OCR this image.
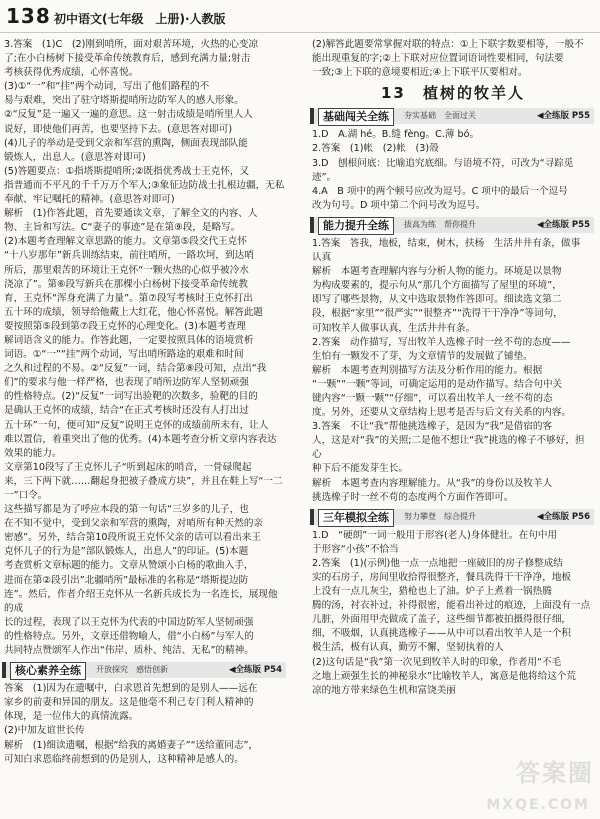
138 初中语文(七年级　上册)·人教版

3.答案　(1)C　(2)刚到哨所，面对艰苦环境，火热的心变凉

了;在小白杨树下接受革命传统教育后，感到充满力量;射击

考核获得优秀成绩，心怀喜悦。

(3)①“一”和“挂”两个动词，写出了他们路程的不

易与艰难，突出了驻守塔斯提哨所边防军人的感人形象。

②“反复”是一遍又一遍的意思。这一射击成绩是哨所里人人

说好，即使他们再苦，也要坚持下去。(意思答对即可)

(4)儿子的举动是受到父亲和军营的熏陶，侧面表现部队能

锻炼人，出息人。(意思答对即可)

(5)答题要点：①指塔斯提哨所;②既指优秀战士王克怀，又

指普通而不平凡的千千万万个军人;③象征边防战士扎根边疆，无私

奉献、牢记嘱托的精神。(意思答对即可)

解析　(1)作答此题，首先要通读文章，了解全文的内容、人

物、主旨和写法。C“妻子的事迹”是在第⑨段，是略写。

(2)本题考查理解文章思路的能力。文章第⑤段交代王克怀

“十八岁那年”新兵训练结束，前往哨所，一路坎坷，到达哨

所后，那里艰苦的环境让王克怀“一颗火热的心似乎被冷水

浇凉了”。第⑥段写新兵在那棵小白杨树下接受革命传统教

育，王克怀“浑身充满了力量”。第⑦段写考核时王克怀打出

五十环的成绩，领导给他戴上大红花，他心怀喜悦。解答此题

要按照第⑤段到第⑦段王克怀的心理变化。(3)本题考查理

解词语含义的能力。作答此题，一定要按照具体的语境赏析

词语。①“一”“挂”两个动词，写出哨所路途的艰难和时间

之久和过程的不易。②“反复”一词，结合第⑧段可知，点出“我

们”的要求与他一样严格，也表现了哨所边防军人坚韧顽强

的性格特点。(2)“反复”一词写出验靶的次数多，验靶的目的

是确认王克怀的成绩，结合“在正式考核时还没有人打出过

五十环”一句，便可知“反复”说明王克怀的成绩前所未有，让人

难以置信，着重突出了他的优秀。(4)本题考查分析文章内容表达效果的能力。

文章第10段写了王克怀儿子“听到起床的哨音，一骨碌爬起

来，三下两下就……翻起身把被子叠成方块”，并且在鞋上写“一二一”口令。

这些描写都是为了呼应本段的第一句话“三岁多的儿子，也

在不知不觉中，受到父亲和军营的熏陶，对哨所有种天然的亲

密感”。另外，结合第10段所说王克怀父亲的话可以看出来王

克怀儿子的行为是”部队锻炼人，出息人”的印证。(5)本题

考查赏析文章标题的能力。文章从赞颂小白杨的歌曲入手，

进而在第②段引出”北疆哨所”最标准的名称是“塔斯提边防

连”。然后，作者介绍王克怀从一名新兵成长为一名连长，展现他的成

长的过程，表现了以王克怀为代表的中国边防军人坚韧顽强

的性格特点。另外，文章还借物喻人，借“小白杨”与军人的

共同特点赞颂军人作出“伟岸、质朴、纯洁、无私”的精神。

核心素养全练	开放探究　感悟创新	◀全练版 P54

答案　(1)因为在遗嘱中，白求恩首先想到的是别人——远在

家乡的前妻和异国的朋友。这是他毫不利己专门利人精神的

体现，是一位伟大的真情流露。

(2)中加友谊世长传

解析　(1)细读遗嘱，根据“给我的离婚妻子”“送给董同志”，

可知白求恩临终前想到的仍是别人，这种精神是感人的。

(2)解答此题要常掌握对联的特点：①上下联字数要相等，一般不

能出现重复的字;②上下联对应位置词语词性要相同，句法要

一致;③上下联的意境要相近;④上下联平仄要相对。

13 植树的牧羊人
基础闯关全练	夯实基础　全面过关	◀全练版 P55

1.D　A.湖 hé。B.缝 fèng。C.薄 bó。

2.答案　(1)帐　(2)帐　(3)殼

3.D　刨根问底：比喻追究底细。与语境不符，可改为“寻踪觅

迹”。

4.A　B 项中的两个顿号应改为逗号。C 项中的最后一个逗号

改为句号。D 项中第二个问号改为逗号。

能力提升全练	拔高为练　帮你提升	◀全练版 P55

1.答案　答我，地板，结束，树木，扶杨　生活井井有条，做事

认真

解析　本题考查理解内容与分析人物的能力。环境是以景物

为构成要素的，提示句从“那几个方面描写了屋里的环境”，

即写了哪些景物，从文中选取景物作答即可。细读选文第二

段，根据“家里”“很严实”“很整齐”“洗得干干净净”等词句，

可知牧羊人做事认真，生活井井有条。

2.答案　动作描写，写出牧羊人选橡子时一丝不苟的态度——

生怕有一颗发不了芽，为文章情节的发展做了铺垫。

解析　本题考查判别描写方法及分析作用的能力。根据

“一颗”“一颗”等词，可确定运用的是动作描写。结合句中关

键内容“一颗一颗”“仔细”，可以看出牧羊人一丝不苟的态

度。另外，还要从文章结构上思考是否与后文有关系的内容。

3.答案　不让“我”帮他挑选橡子，是因为“我”是借宿的客

人，这是对“我”的关照;二是他不想让“我”挑选的橡子不够好，担心

种下后不能发芽生长。

解析　本题考查内容理解能力。从“我”的身份以及牧羊人

挑选橡子时一丝不苟的态度两个方面作答即可。

三年模拟全练	努力攀登　综合提升	◀全练版 P56

1.D　“硬朗”一词一般用于形容(老人)身体健壮。在句中用

于形容“小孩”不恰当

2.答案　(1)(示例)他一点一点地把一座破旧的房子修整成结

实的石房子，房间里收拾得很整齐，餐具洗得干干净净，地板

上没有一点儿灰尘，猎枪也上了油。炉子上煮着一锅热腾

腾的汤，衬衣补过，补得很密，能看出补过的痕迹，上面没有一点

儿脏，外面用甲壳做成了盖子，这些细节都被拍摄得很仔细，

细，不吸烟，认真挑选橡子——从中可以看出牧羊人是一个积

极生活，极有认真，勤劳不懈，坚韧执着的人

(2)这句话是“我”第一次见到牧羊人时的印象，作者用“不毛

之地上顽强生长的神秘泉水”比喻牧羊人，寓意是他将给这个荒

凉的地方带来绿色生机和富饶美丽

答案圈
MXQE.COM
